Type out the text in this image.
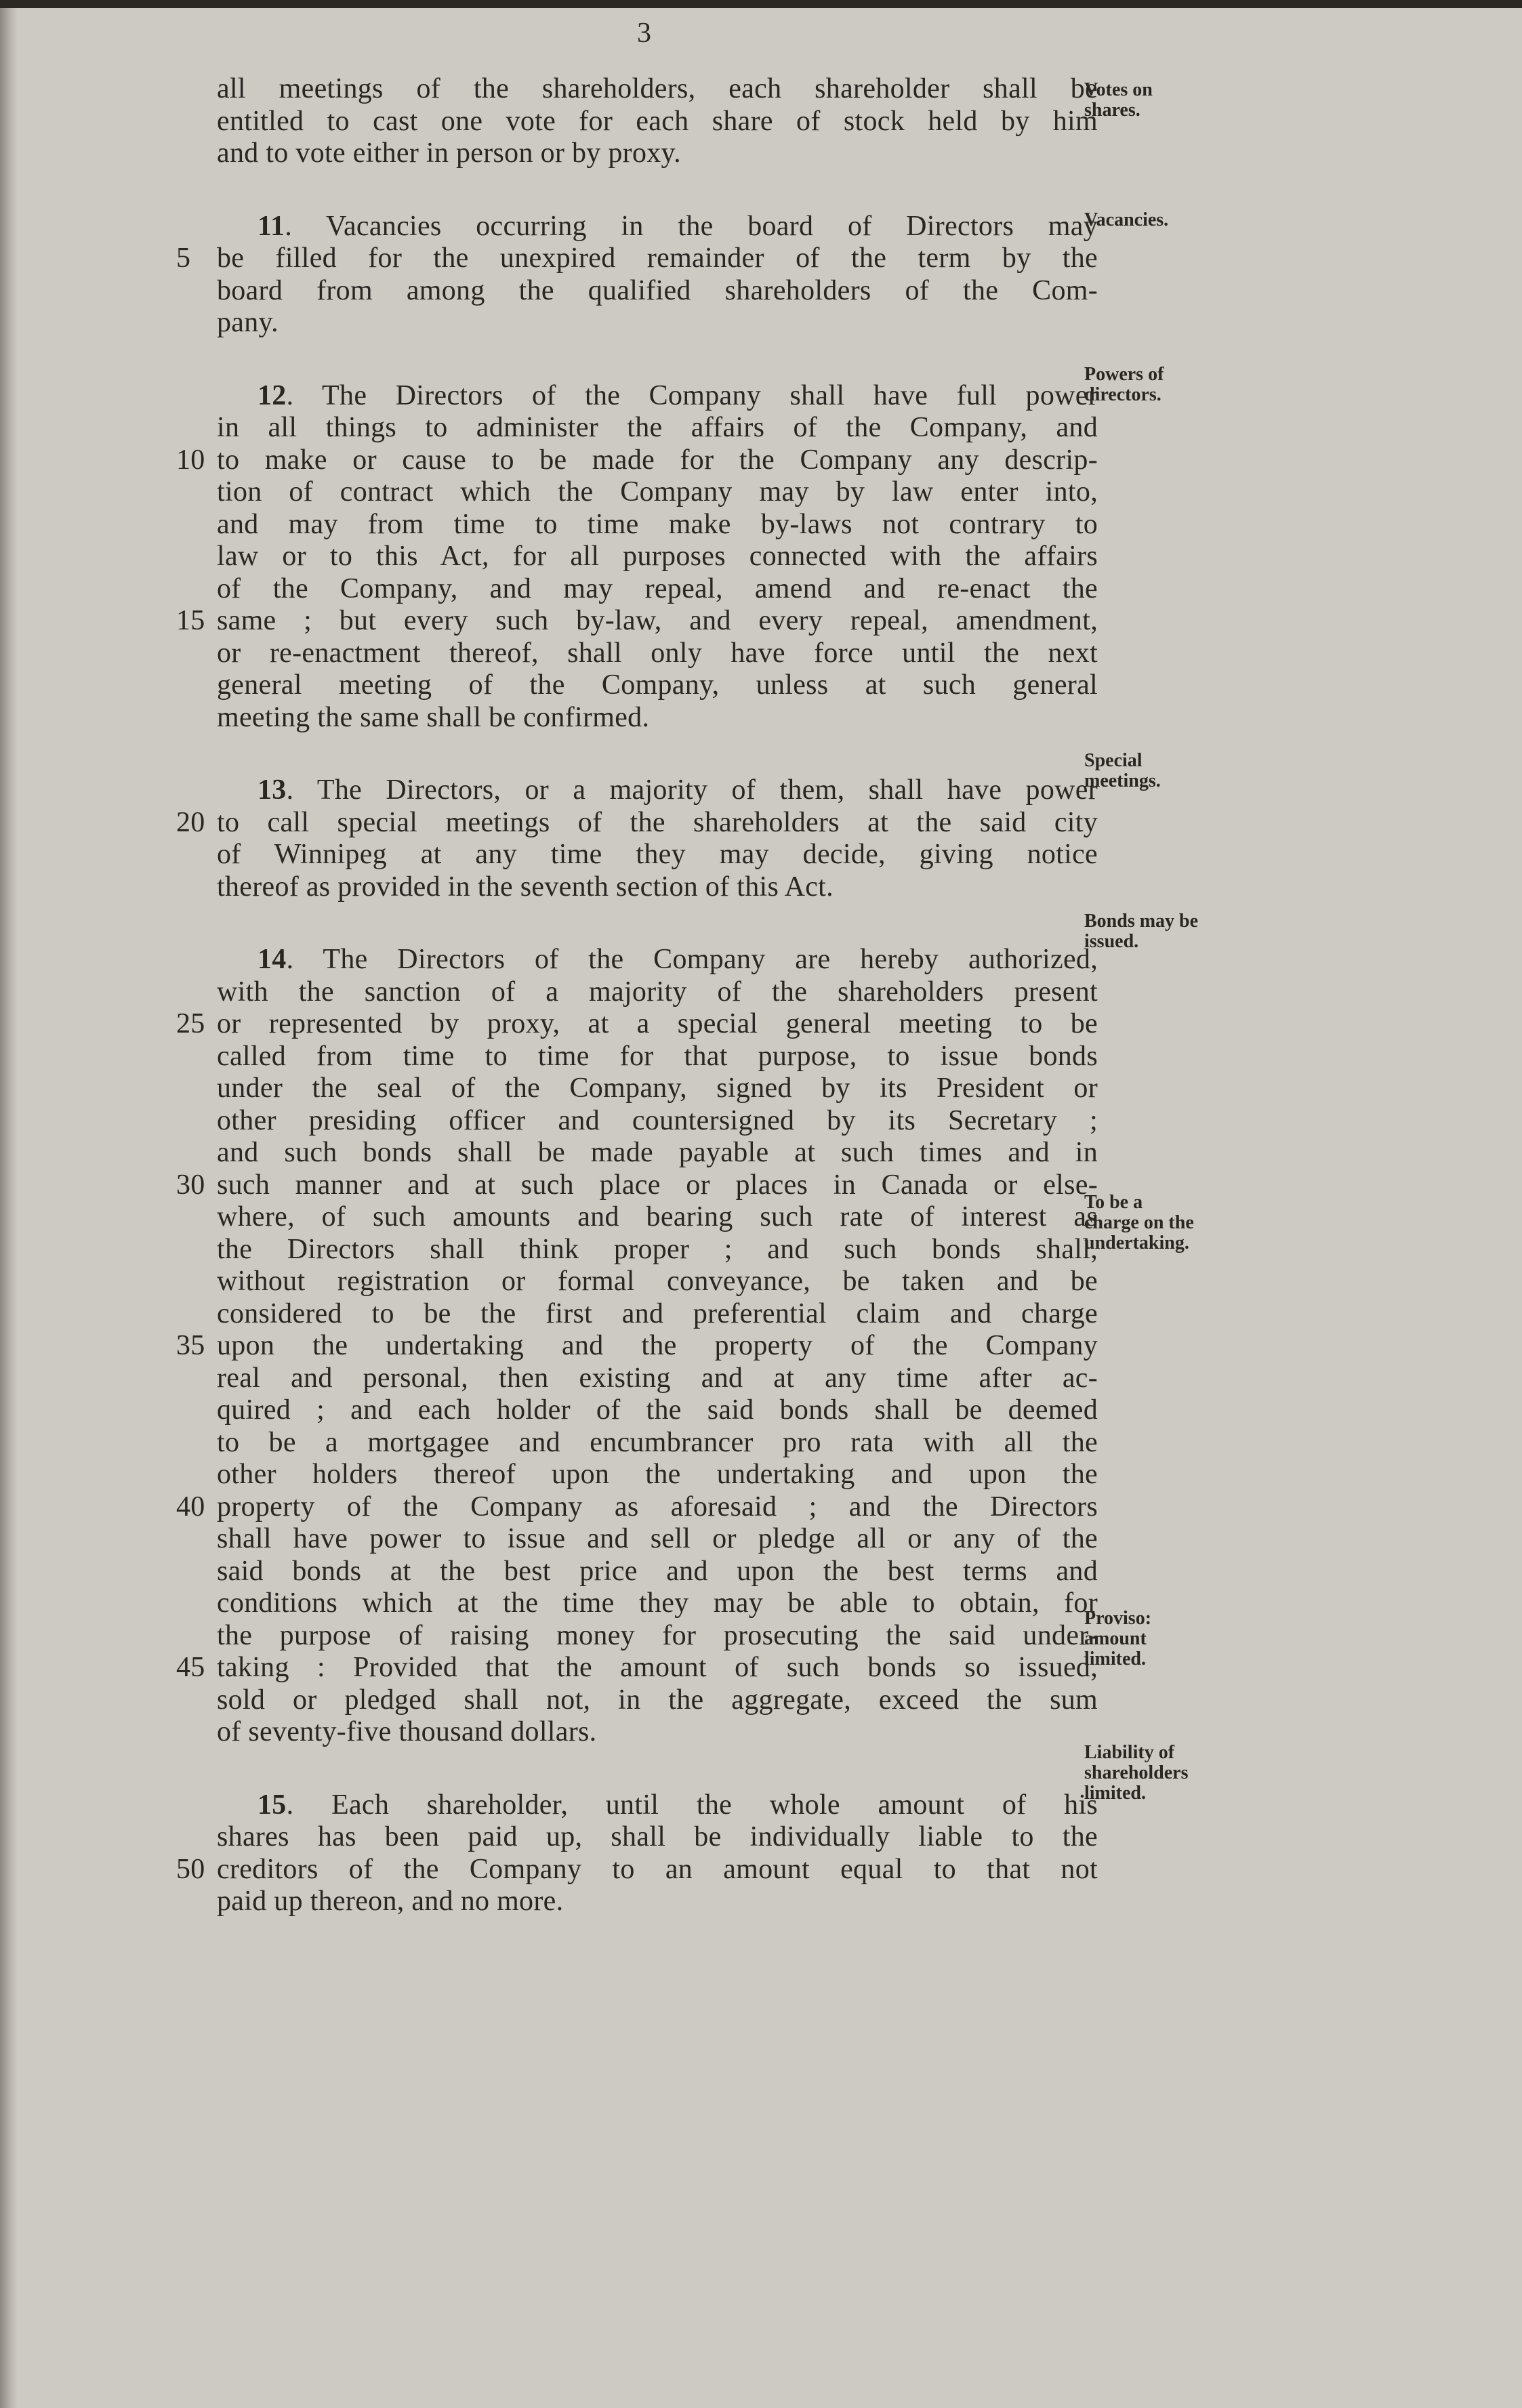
3
all meetings of the shareholders, each shareholder shall be
entitled to cast one vote for each share of stock held by him
and to vote either in person or by proxy.
11. Vacancies occurring in the board of Directors may
5 be filled for the unexpired remainder of the term by the
board from among the qualified shareholders of the Com-
pany.
12. The Directors of the Company shall have full power
in all things to administer the affairs of the Company, and
10 to make or cause to be made for the Company any descrip-
tion of contract which the Company may by law enter into,
and may from time to time make by-laws not contrary to
law or to this Act, for all purposes connected with the affairs
of the Company, and may repeal, amend and re-enact the
15 same ; but every such by-law, and every repeal, amendment,
or re-enactment thereof, shall only have force until the next
general meeting of the Company, unless at such general
meeting the same shall be confirmed.
13. The Directors, or a majority of them, shall have power
20 to call special meetings of the shareholders at the said city
of Winnipeg at any time they may decide, giving notice
thereof as provided in the seventh section of this Act.
14. The Directors of the Company are hereby authorized,
with the sanction of a majority of the shareholders present
25 or represented by proxy, at a special general meeting to be
called from time to time for that purpose, to issue bonds
under the seal of the Company, signed by its President or
other presiding officer and countersigned by its Secretary ;
and such bonds shall be made payable at such times and in
30 such manner and at such place or places in Canada or else-
where, of such amounts and bearing such rate of interest as
the Directors shall think proper ; and such bonds shall,
without registration or formal conveyance, be taken and be
considered to be the first and preferential claim and charge
35 upon the undertaking and the property of the Company
real and personal, then existing and at any time after ac-
quired ; and each holder of the said bonds shall be deemed
to be a mortgagee and encumbrancer pro rata with all the
other holders thereof upon the undertaking and upon the
40 property of the Company as aforesaid ; and the Directors
shall have power to issue and sell or pledge all or any of the
said bonds at the best price and upon the best terms and
conditions which at the time they may be able to obtain, for
the purpose of raising money for prosecuting the said under-
45 taking : Provided that the amount of such bonds so issued,
sold or pledged shall not, in the aggregate, exceed the sum
of seventy-five thousand dollars.
15. Each shareholder, until the whole amount of his
shares has been paid up, shall be individually liable to the
50 creditors of the Company to an amount equal to that not
paid up thereon, and no more.
Votes on
shares.
Vacancies.
Powers of
directors.
Special
meetings.
Bonds may be
issued.
To be a
charge on the
undertaking.
Proviso:
amount
limited.
Liability of
shareholders
limited.
